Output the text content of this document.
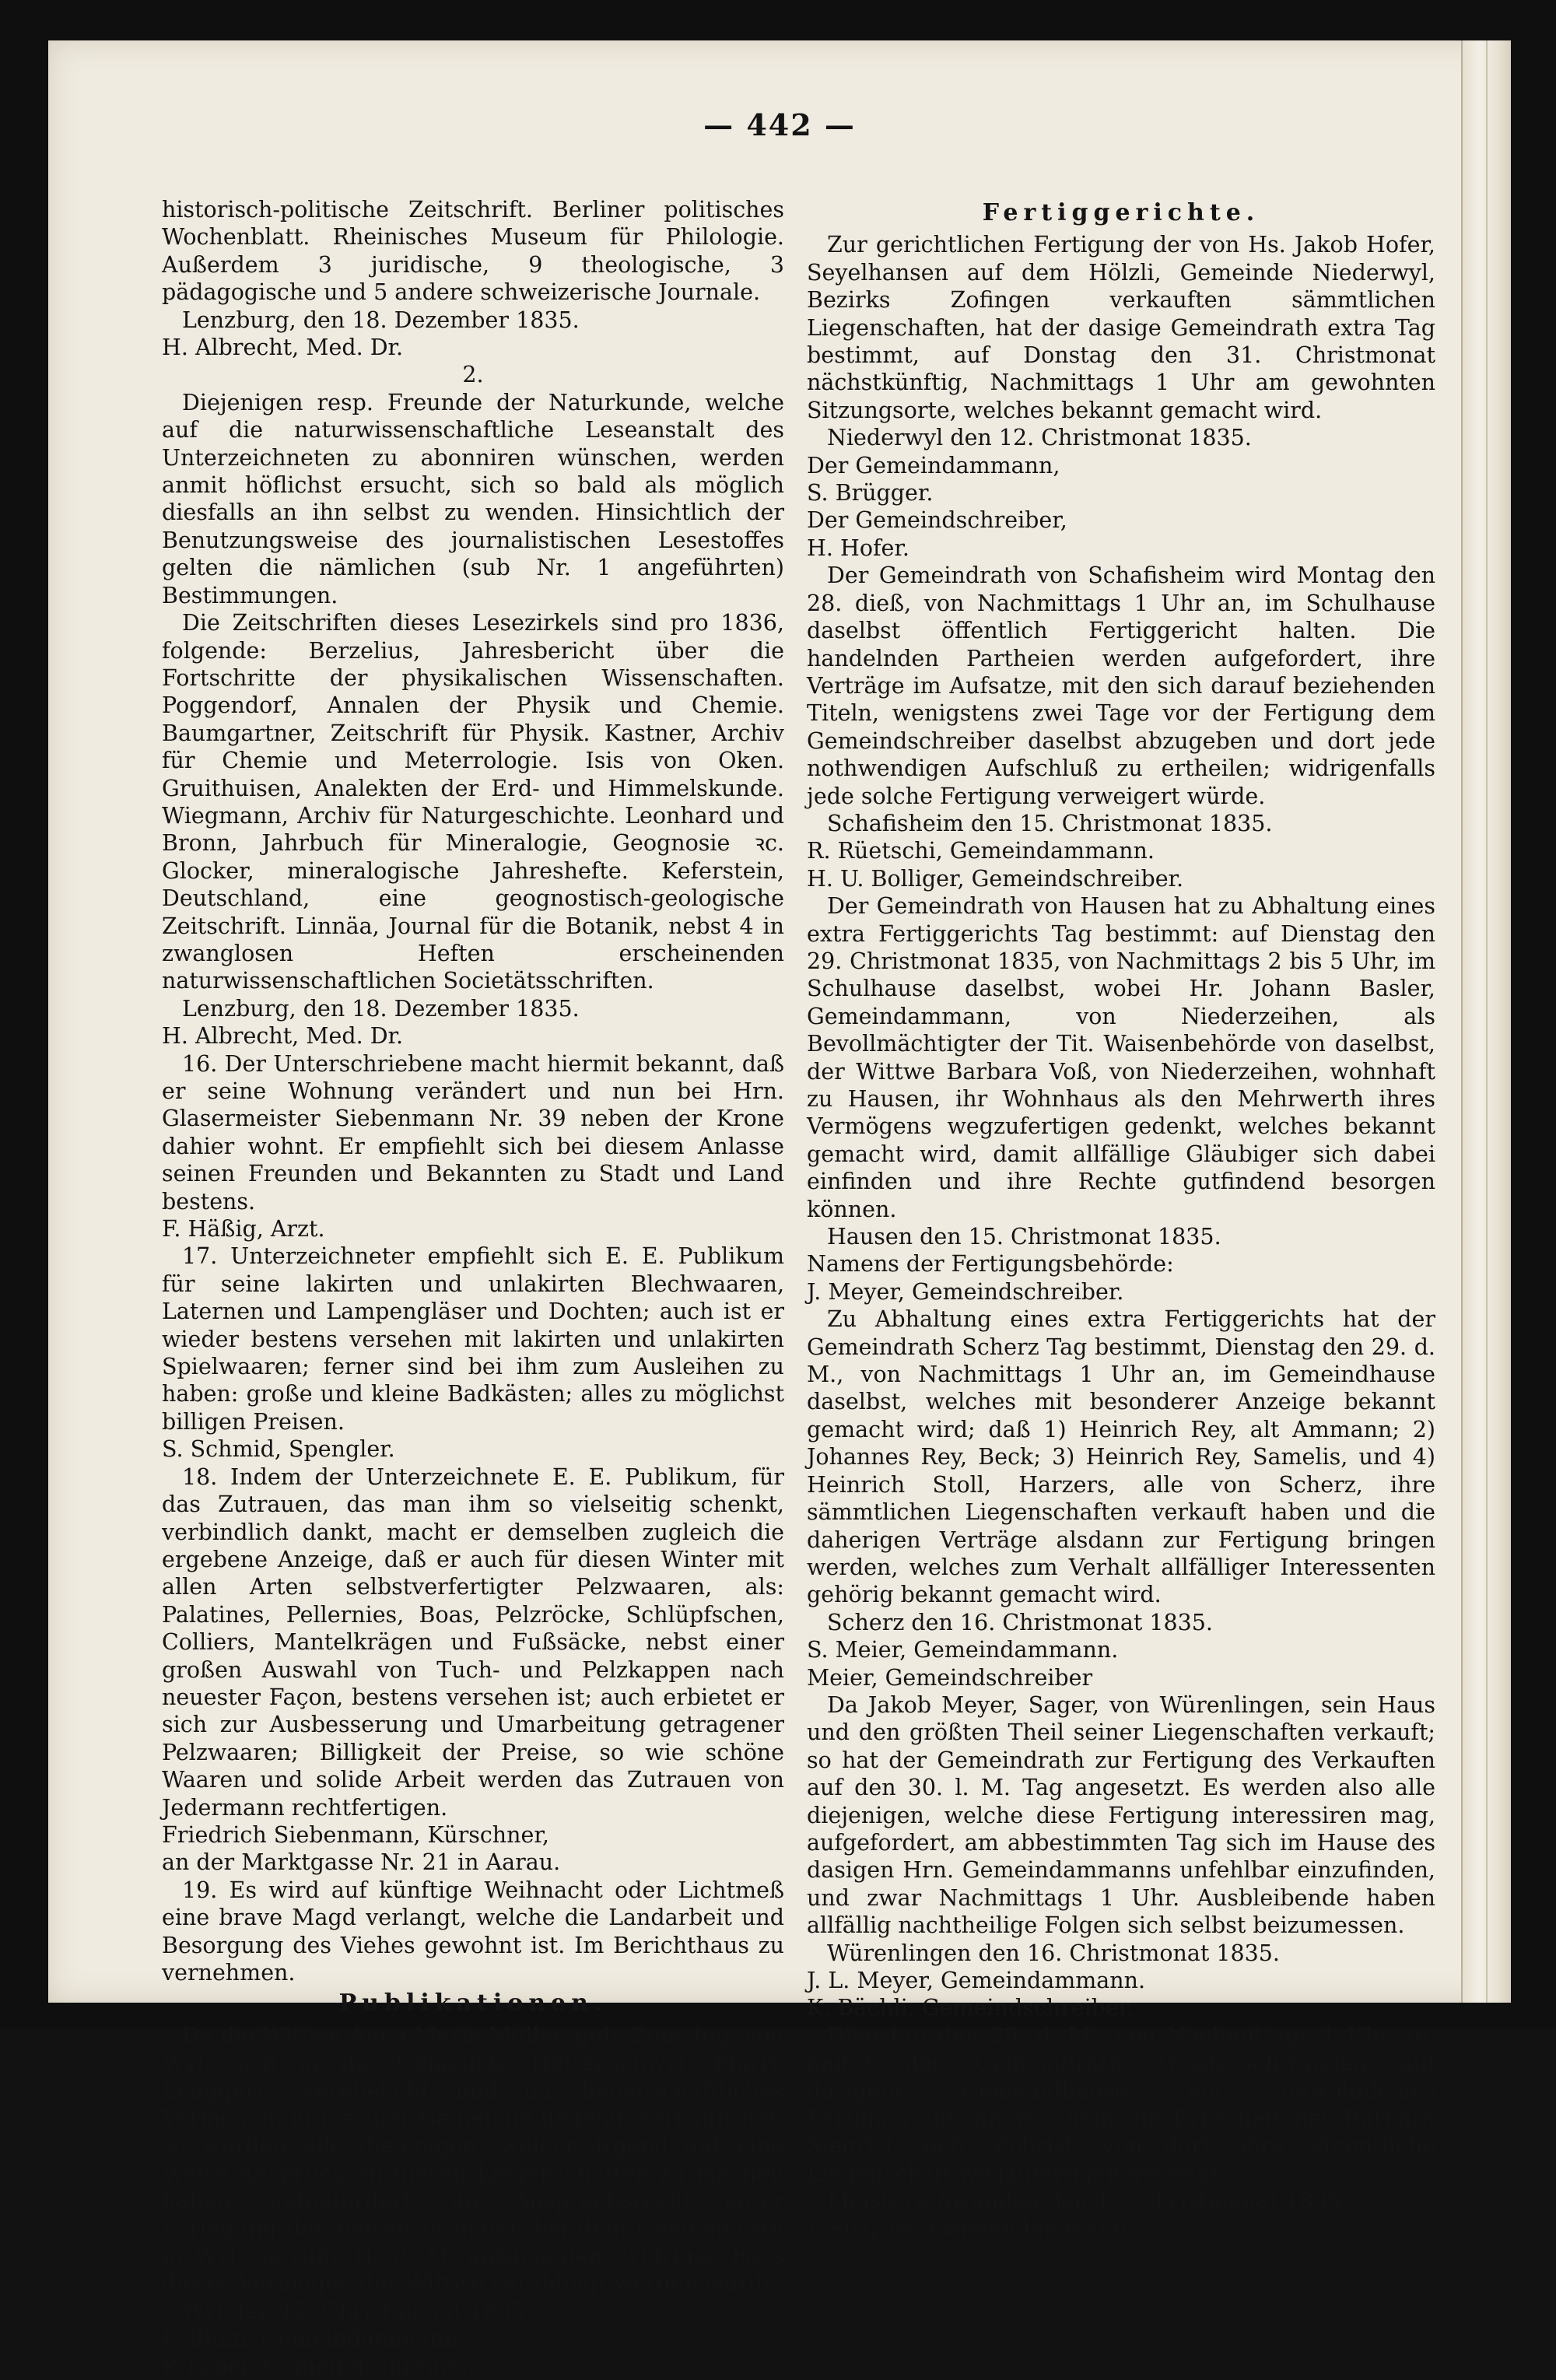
— 442 —

historisch-politische Zeitschrift. Berliner politisches Wochenblatt. Rheinisches Museum für Philologie. Außerdem 3 juridische, 9 theologische, 3 pädagogische und 5 andere schweizerische Journale.

Lenzburg, den 18. Dezember 1835.

H. Albrecht, Med. Dr.

2.

Diejenigen resp. Freunde der Naturkunde, welche auf die naturwissenschaftliche Leseanstalt des Unterzeichneten zu abonniren wünschen, werden anmit höflichst ersucht, sich so bald als möglich diesfalls an ihn selbst zu wenden. Hinsichtlich der Benutzungsweise des journalistischen Lesestoffes gelten die nämlichen (sub Nr. 1 angeführten) Bestimmungen.

Die Zeitschriften dieses Lesezirkels sind pro 1836, folgende: Berzelius, Jahresbericht über die Fortschritte der physikalischen Wissenschaften. Poggendorf, Annalen der Physik und Chemie. Baumgartner, Zeitschrift für Physik. Kastner, Archiv für Chemie und Meterrologie. Isis von Oken. Gruithuisen, Analekten der Erd- und Himmelskunde. Wiegmann, Archiv für Naturgeschichte. Leonhard und Bronn, Jahrbuch für Mineralogie, Geognosie ꝛc. Glocker, mineralogische Jahreshefte. Keferstein, Deutschland, eine geognostisch-geologische Zeitschrift. Linnäa, Journal für die Botanik, nebst 4 in zwanglosen Heften erscheinenden naturwissenschaftlichen Societätsschriften.

Lenzburg, den 18. Dezember 1835.

H. Albrecht, Med. Dr.

16. Der Unterschriebene macht hiermit bekannt, daß er seine Wohnung verändert und nun bei Hrn. Glasermeister Siebenmann Nr. 39 neben der Krone dahier wohnt. Er empfiehlt sich bei diesem Anlasse seinen Freunden und Bekannten zu Stadt und Land bestens.

F. Häßig, Arzt.

17. Unterzeichneter empfiehlt sich E. E. Publikum für seine lakirten und unlakirten Blechwaaren, Laternen und Lampengläser und Dochten; auch ist er wieder bestens versehen mit lakirten und unlakirten Spielwaaren; ferner sind bei ihm zum Ausleihen zu haben: große und kleine Badkästen; alles zu möglichst billigen Preisen.

S. Schmid, Spengler.

18. Indem der Unterzeichnete E. E. Publikum, für das Zutrauen, das man ihm so vielseitig schenkt, verbindlich dankt, macht er demselben zugleich die ergebene Anzeige, daß er auch für diesen Winter mit allen Arten selbstverfertigter Pelzwaaren, als: Palatines, Pellernies, Boas, Pelzröcke, Schlüpfschen, Colliers, Mantelkrägen und Fußsäcke, nebst einer großen Auswahl von Tuch- und Pelzkappen nach neuester Façon, bestens versehen ist; auch erbietet er sich zur Ausbesserung und Umarbeitung getragener Pelzwaaren; Billigkeit der Preise, so wie schöne Waaren und solide Arbeit werden das Zutrauen von Jedermann rechtfertigen.

Friedrich Siebenmann, Kürschner,

an der Marktgasse Nr. 21 in Aarau.

19. Es wird auf künftige Weihnacht oder Lichtmeß eine brave Magd verlangt, welche die Landarbeit und Besorgung des Viehes gewohnt ist. Im Berichthaus zu vernehmen.

Publikationen.

Da die Wittwe Anna Maria Müller, geb. Zumsteg, von Wyl, sich in die Gemeinde Hettenschwyl, Pfarre Leuggern, verehelicht und ihr liegenschaftliches Vermögen, in hiesiger Gemeinde liegend, verkauft hat, so werden alle diejenigen, welche irgend auf eine Weise Anspruch an diesen Liegenschaften zu machen haben, aufgefordert, ihr Anspruchsrecht unter Vorlegung der Beweisurkunden bei dem Gemeindrath in Wyl bis zum 31. d. M. anzumelden; widrigen Falls dieses Vermögen der Wittwe verabfolgt werden würde.

Wyl den 12. Christmonat 1835.

F. Blum, Gemeindammann.

P. Leber, Gemeindschreiber.

Fertiggerichte.

Zur gerichtlichen Fertigung der von Hs. Jakob Hofer, Seyelhansen auf dem Hölzli, Gemeinde Niederwyl, Bezirks Zofingen verkauften sämmtlichen Liegenschaften, hat der dasige Gemeindrath extra Tag bestimmt, auf Donstag den 31. Christmonat nächstkünftig, Nachmittags 1 Uhr am gewohnten Sitzungsorte, welches bekannt gemacht wird.

Niederwyl den 12. Christmonat 1835.

Der Gemeindammann,

S. Brügger.

Der Gemeindschreiber,

H. Hofer.

Der Gemeindrath von Schafisheim wird Montag den 28. dieß, von Nachmittags 1 Uhr an, im Schulhause daselbst öffentlich Fertiggericht halten. Die handelnden Partheien werden aufgefordert, ihre Verträge im Aufsatze, mit den sich darauf beziehenden Titeln, wenigstens zwei Tage vor der Fertigung dem Gemeindschreiber daselbst abzugeben und dort jede nothwendigen Aufschluß zu ertheilen; widrigenfalls jede solche Fertigung verweigert würde.

Schafisheim den 15. Christmonat 1835.

R. Rüetschi, Gemeindammann.

H. U. Bolliger, Gemeindschreiber.

Der Gemeindrath von Hausen hat zu Abhaltung eines extra Fertiggerichts Tag bestimmt: auf Dienstag den 29. Christmonat 1835, von Nachmittags 2 bis 5 Uhr, im Schulhause daselbst, wobei Hr. Johann Basler, Gemeindammann, von Niederzeihen, als Bevollmächtigter der Tit. Waisenbehörde von daselbst, der Wittwe Barbara Voß, von Niederzeihen, wohnhaft zu Hausen, ihr Wohnhaus als den Mehrwerth ihres Vermögens wegzufertigen gedenkt, welches bekannt gemacht wird, damit allfällige Gläubiger sich dabei einfinden und ihre Rechte gutfindend besorgen können.

Hausen den 15. Christmonat 1835.

Namens der Fertigungsbehörde:

J. Meyer, Gemeindschreiber.

Zu Abhaltung eines extra Fertiggerichts hat der Gemeindrath Scherz Tag bestimmt, Dienstag den 29. d. M., von Nachmittags 1 Uhr an, im Gemeindhause daselbst, welches mit besonderer Anzeige bekannt gemacht wird; daß 1) Heinrich Rey, alt Ammann; 2) Johannes Rey, Beck; 3) Heinrich Rey, Samelis, und 4) Heinrich Stoll, Harzers, alle von Scherz, ihre sämmtlichen Liegenschaften verkauft haben und die daherigen Verträge alsdann zur Fertigung bringen werden, welches zum Verhalt allfälliger Interessenten gehörig bekannt gemacht wird.

Scherz den 16. Christmonat 1835.

S. Meier, Gemeindammann.

Meier, Gemeindschreiber

Da Jakob Meyer, Sager, von Würenlingen, sein Haus und den größten Theil seiner Liegenschaften verkauft; so hat der Gemeindrath zur Fertigung des Verkauften auf den 30. l. M. Tag angesetzt. Es werden also alle diejenigen, welche diese Fertigung interessiren mag, aufgefordert, am abbestimmten Tag sich im Hause des dasigen Hrn. Gemeindammanns unfehlbar einzufinden, und zwar Nachmittags 1 Uhr. Ausbleibende haben allfällig nachtheilige Folgen sich selbst beizumessen.

Würenlingen den 16. Christmonat 1835.

J. L. Meyer, Gemeindammann.

K. Bächli, Gemeindschreiber.

Dienstag den 29. d. M., von Nachmittags 1 Uhr an, haltet der Gemeindrath Meisterschwanden auf dasigem Gemeindhause ein gewöhnliches Fertiggericht, an welchem die Erbschaft der Barbara Siegrist, geb. Zobrist, von dort, ihre sämmtliche Liegenschaft wegzufertigen gedenkt.

Meisterschwanden den 17. Christmonat 1835.

J. Siegrist, Gemeindammann.
